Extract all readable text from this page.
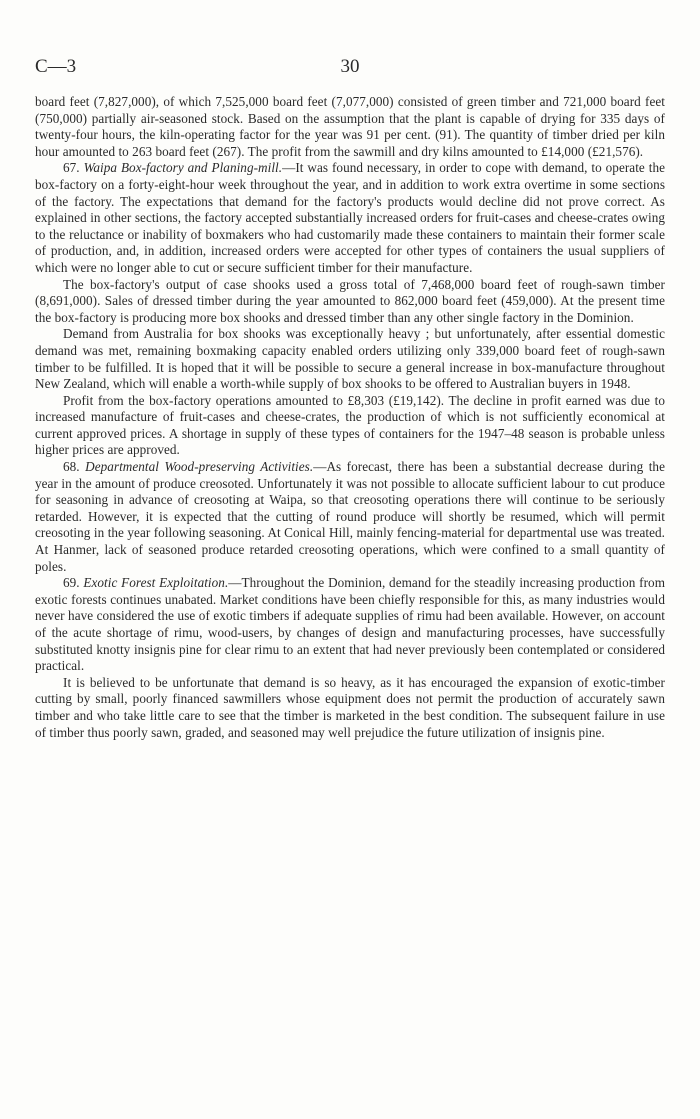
C—3	30

board feet (7,827,000), of which 7,525,000 board feet (7,077,000) consisted of green timber and 721,000 board feet (750,000) partially air-seasoned stock. Based on the assumption that the plant is capable of drying for 335 days of twenty-four hours, the kiln-operating factor for the year was 91 per cent. (91). The quantity of timber dried per kiln hour amounted to 263 board feet (267). The profit from the sawmill and dry kilns amounted to £14,000 (£21,576).

67. Waipa Box-factory and Planing-mill.—It was found necessary, in order to cope with demand, to operate the box-factory on a forty-eight-hour week throughout the year, and in addition to work extra overtime in some sections of the factory. The expectations that demand for the factory's products would decline did not prove correct. As explained in other sections, the factory accepted substantially increased orders for fruit-cases and cheese-crates owing to the reluctance or inability of boxmakers who had customarily made these containers to maintain their former scale of production, and, in addition, increased orders were accepted for other types of containers the usual suppliers of which were no longer able to cut or secure sufficient timber for their manufacture.

The box-factory's output of case shooks used a gross total of 7,468,000 board feet of rough-sawn timber (8,691,000). Sales of dressed timber during the year amounted to 862,000 board feet (459,000). At the present time the box-factory is producing more box shooks and dressed timber than any other single factory in the Dominion.

Demand from Australia for box shooks was exceptionally heavy ; but unfortunately, after essential domestic demand was met, remaining boxmaking capacity enabled orders utilizing only 339,000 board feet of rough-sawn timber to be fulfilled. It is hoped that it will be possible to secure a general increase in box-manufacture throughout New Zealand, which will enable a worth-while supply of box shooks to be offered to Australian buyers in 1948.

Profit from the box-factory operations amounted to £8,303 (£19,142). The decline in profit earned was due to increased manufacture of fruit-cases and cheese-crates, the production of which is not sufficiently economical at current approved prices. A shortage in supply of these types of containers for the 1947–48 season is probable unless higher prices are approved.

68. Departmental Wood-preserving Activities.—As forecast, there has been a substantial decrease during the year in the amount of produce creosoted. Unfortunately it was not possible to allocate sufficient labour to cut produce for seasoning in advance of creosoting at Waipa, so that creosoting operations there will continue to be seriously retarded. However, it is expected that the cutting of round produce will shortly be resumed, which will permit creosoting in the year following seasoning. At Conical Hill, mainly fencing-material for departmental use was treated. At Hanmer, lack of seasoned produce retarded creosoting operations, which were confined to a small quantity of poles.

69. Exotic Forest Exploitation.—Throughout the Dominion, demand for the steadily increasing production from exotic forests continues unabated. Market conditions have been chiefly responsible for this, as many industries would never have considered the use of exotic timbers if adequate supplies of rimu had been available. However, on account of the acute shortage of rimu, wood-users, by changes of design and manufacturing processes, have successfully substituted knotty insignis pine for clear rimu to an extent that had never previously been contemplated or considered practical.

It is believed to be unfortunate that demand is so heavy, as it has encouraged the expansion of exotic-timber cutting by small, poorly financed sawmillers whose equipment does not permit the production of accurately sawn timber and who take little care to see that the timber is marketed in the best condition. The subsequent failure in use of timber thus poorly sawn, graded, and seasoned may well prejudice the future utilization of insignis pine.
